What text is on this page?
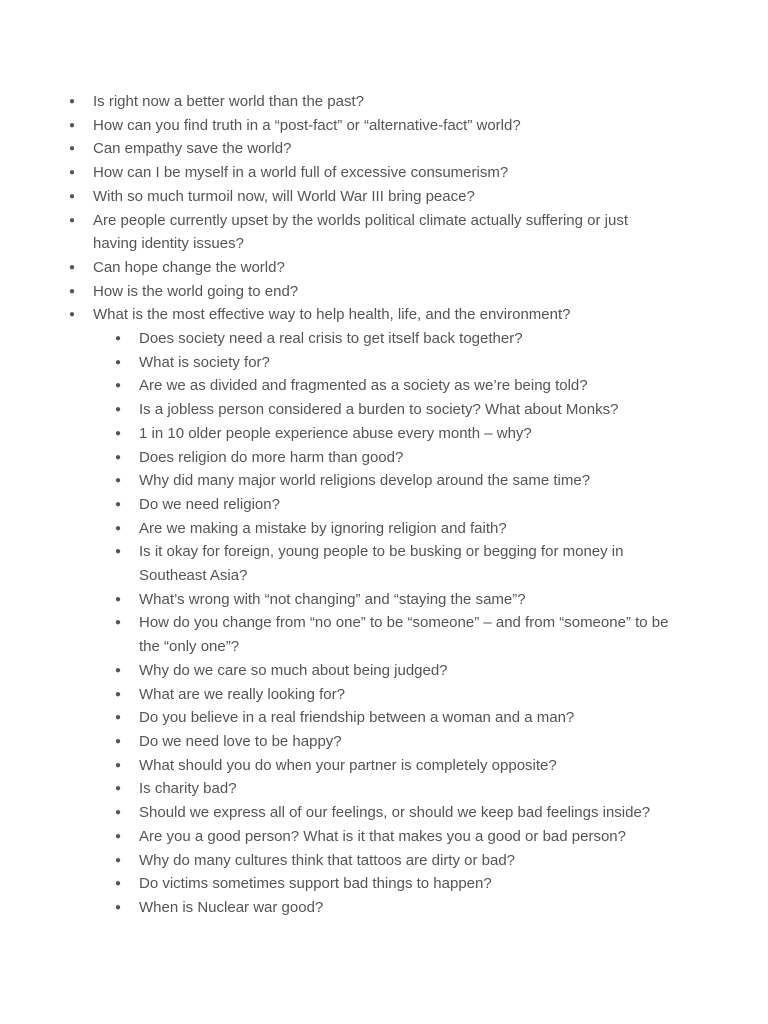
● Is right now a better world than the past?
● How can you find truth in a “post-fact” or “alternative-fact” world?
● Can empathy save the world?
● How can I be myself in a world full of excessive consumerism?
● With so much turmoil now, will World War III bring peace?
● Are people currently upset by the worlds political climate actually suffering or just having identity issues?
● Can hope change the world?
● How is the world going to end?
● What is the most effective way to help health, life, and the environment?
● Does society need a real crisis to get itself back together?
● What is society for?
● Are we as divided and fragmented as a society as we’re being told?
● Is a jobless person considered a burden to society? What about Monks?
● 1 in 10 older people experience abuse every month – why?
● Does religion do more harm than good?
● Why did many major world religions develop around the same time?
● Do we need religion?
● Are we making a mistake by ignoring religion and faith?
● Is it okay for foreign, young people to be busking or begging for money in Southeast Asia?
● What’s wrong with “not changing” and “staying the same”?
● How do you change from “no one” to be “someone” – and from “someone” to be the “only one”?
● Why do we care so much about being judged?
● What are we really looking for?
● Do you believe in a real friendship between a woman and a man?
● Do we need love to be happy?
● What should you do when your partner is completely opposite?
● Is charity bad?
● Should we express all of our feelings, or should we keep bad feelings inside?
● Are you a good person? What is it that makes you a good or bad person?
● Why do many cultures think that tattoos are dirty or bad?
● Do victims sometimes support bad things to happen?
● When is Nuclear war good?
